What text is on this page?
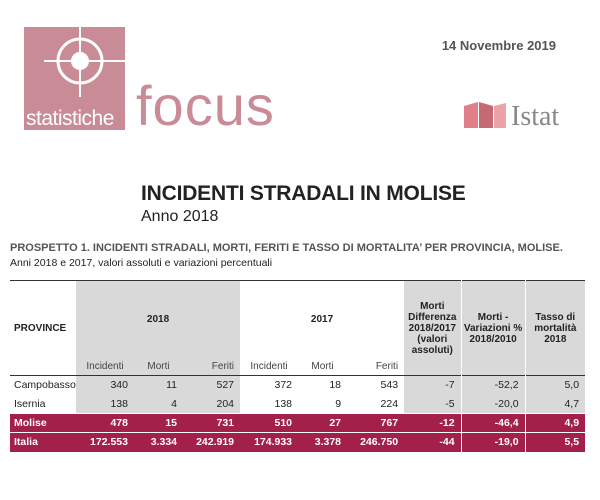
statistiche focus
14 Novembre 2019
Istat
INCIDENTI STRADALI IN MOLISE
Anno 2018
PROSPETTO 1. INCIDENTI STRADALI, MORTI, FERITI E TASSO DI MORTALITA’ PER PROVINCIA, MOLISE.
Anni 2018 e 2017, valori assoluti e variazioni percentuali
PROVINCE	2018			2017			Morti Differenza 2018/2017 (valori assoluti)	Morti - Variazioni % 2018/2010	Tasso di mortalità 2018
	Incidenti	Morti	Feriti	Incidenti	Morti	Feriti			
Campobasso	340	11	527	372	18	543	-7	-52,2	5,0
Isernia	138	4	204	138	9	224	-5	-20,0	4,7
Molise	478	15	731	510	27	767	-12	-46,4	4,9
Italia	172.553	3.334	242.919	174.933	3.378	246.750	-44	-19,0	5,5
